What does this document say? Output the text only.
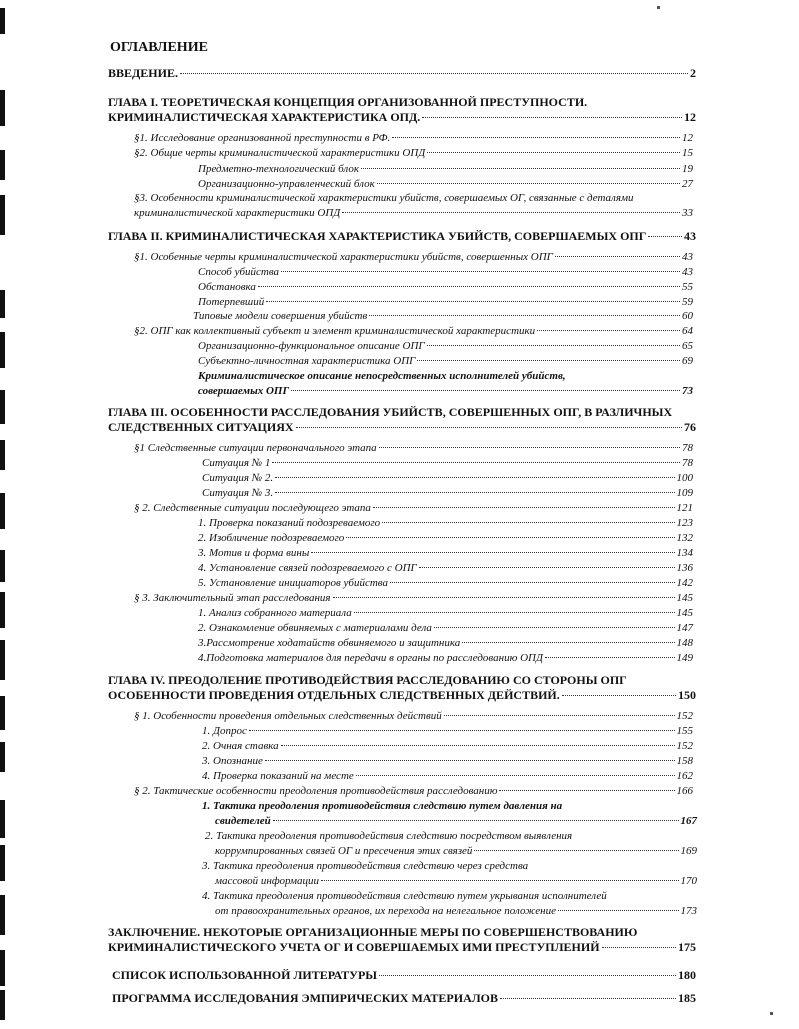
ОГЛАВЛЕНИЕ
ВВЕДЕНИЕ.	2
ГЛАВА I. ТЕОРЕТИЧЕСКАЯ КОНЦЕПЦИЯ ОРГАНИЗОВАННОЙ ПРЕСТУПНОСТИ.
КРИМИНАЛИСТИЧЕСКАЯ ХАРАКТЕРИСТИКА ОПД.	12
§1. Исследование организованной преступности в РФ.	12
§2. Общие черты криминалистической характеристики ОПД	15
Предметно-технологический блок	19
Организационно-управленческий блок	27
§3. Особенности криминалистической характеристики убийств, совершаемых ОГ, связанные с деталями
криминалистической характеристики ОПД	33
ГЛАВА II. КРИМИНАЛИСТИЧЕСКАЯ ХАРАКТЕРИСТИКА УБИЙСТВ, СОВЕРШАЕМЫХ ОПГ	43
§1. Особенные черты криминалистической характеристики убийств, совершенных ОПГ	43
Способ убийства	43
Обстановка	55
Потерпевший	59
Типовые модели совершения убийств	60
§2. ОПГ как коллективный субъект и элемент криминалистической характеристики	64
Организационно-функциональное описание ОПГ	65
Субъектно-личностная характеристика ОПГ	69
Криминалистическое описание непосредственных исполнителей убийств,
совершаемых ОПГ	73
ГЛАВА III. ОСОБЕННОСТИ РАССЛЕДОВАНИЯ УБИЙСТВ, СОВЕРШЕННЫХ ОПГ, В РАЗЛИЧНЫХ
СЛЕДСТВЕННЫХ СИТУАЦИЯХ	76
§1 Следственные ситуации первоначального этапа	78
Ситуация № 1	78
Ситуация № 2.	100
Ситуация № 3.	109
§ 2. Следственные ситуации последующего этапа	121
1. Проверка показаний подозреваемого	123
2. Изобличение подозреваемого	132
3. Мотив и форма вины	134
4. Установление связей подозреваемого с ОПГ	136
5. Установление инициаторов убийства	142
§ 3. Заключительный этап расследования	145
1. Анализ собранного материала	145
2. Ознакомление обвиняемых с материалами дела	147
3.Рассмотрение ходатайств обвиняемого и защитника	148
4.Подготовка материалов для передачи в органы по расследованию ОПД	149
ГЛАВА IV. ПРЕОДОЛЕНИЕ ПРОТИВОДЕЙСТВИЯ РАССЛЕДОВАНИЮ СО СТОРОНЫ ОПГ
ОСОБЕННОСТИ ПРОВЕДЕНИЯ ОТДЕЛЬНЫХ СЛЕДСТВЕННЫХ ДЕЙСТВИЙ.	150
§ 1. Особенности проведения отдельных следственных действий	152
1. Допрос	155
2. Очная ставка	152
3. Опознание	158
4. Проверка показаний на месте	162
§ 2. Тактические особенности преодоления противодействия расследованию	166
1. Тактика преодоления противодействия следствию путем давления на
свидетелей	167
2. Тактика преодоления противодействия следствию посредством выявления
коррумпированных связей ОГ и пресечения этих связей	169
3. Тактика преодоления противодействия следствию через средства
массовой информации	170
4. Тактика преодоления противодействия следствию путем укрывания исполнителей
от правоохранительных органов, их перехода на нелегальное положение	173
ЗАКЛЮЧЕНИЕ. НЕКОТОРЫЕ ОРГАНИЗАЦИОННЫЕ МЕРЫ ПО СОВЕРШЕНСТВОВАНИЮ
КРИМИНАЛИСТИЧЕСКОГО УЧЕТА ОГ И СОВЕРШАЕМЫХ ИМИ ПРЕСТУПЛЕНИЙ	175
СПИСОК ИСПОЛЬЗОВАННОЙ ЛИТЕРАТУРЫ	180
ПРОГРАММА ИССЛЕДОВАНИЯ ЭМПИРИЧЕСКИХ МАТЕРИАЛОВ	185
